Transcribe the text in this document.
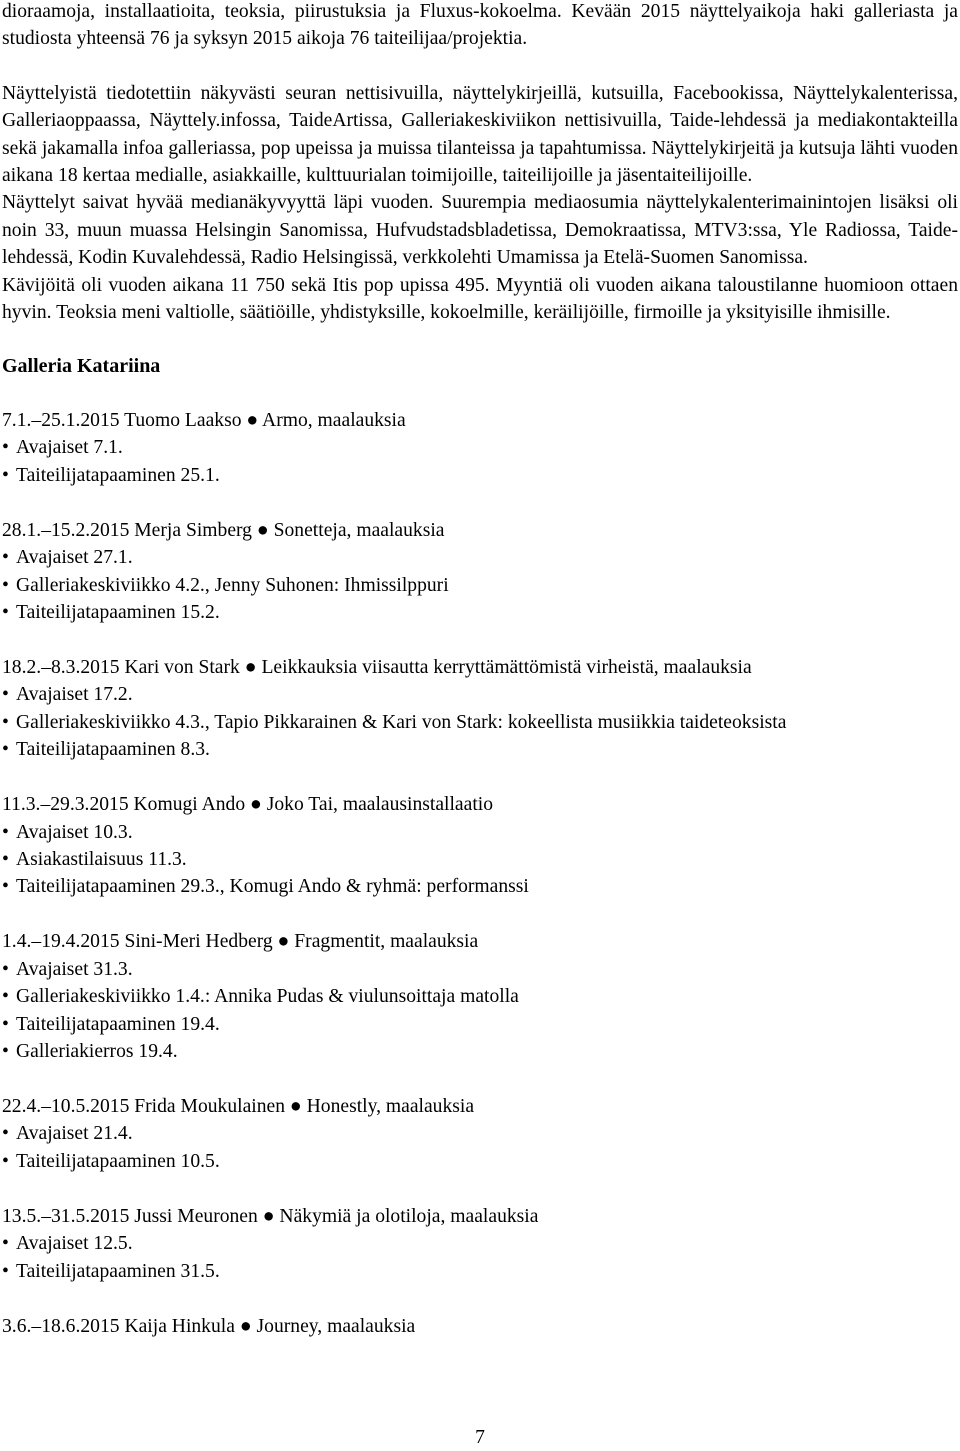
dioraamoja, installaatioita, teoksia, piirustuksia ja Fluxus-kokoelma. Kevään 2015 näyttelyaikoja haki galleriasta ja studiosta yhteensä 76 ja syksyn 2015 aikoja 76 taiteilijaa/projektia.

Näyttelyistä tiedotettiin näkyvästi seuran nettisivuilla, näyttelykirjeillä, kutsuilla, Facebookissa, Näyttelykalenterissa, Galleriaoppaassa, Näyttely.infossa, TaideArtissa, Galleriakeskiviikon nettisivuilla, Taide-lehdessä ja mediakontakteilla sekä jakamalla infoa galleriassa, pop upeissa ja muissa tilanteissa ja tapahtumissa. Näyttelykirjeitä ja kutsuja lähti vuoden aikana 18 kertaa medialle, asiakkaille, kulttuurialan toimijoille, taiteilijoille ja jäsentaiteilijoille.

Näyttelyt saivat hyvää medianäkyvyyttä läpi vuoden. Suurempia mediaosumia näyttelykalenterimainintojen lisäksi oli noin 33, muun muassa Helsingin Sanomissa, Hufvudstadsbladetissa, Demokraatissa, MTV3:ssa, Yle Radiossa, Taide-lehdessä, Kodin Kuvalehdessä, Radio Helsingissä, verkkolehti Umamissa ja Etelä-Suomen Sanomissa.

Kävijöitä oli vuoden aikana 11 750 sekä Itis pop upissa 495. Myyntiä oli vuoden aikana taloustilanne huomioon ottaen hyvin. Teoksia meni valtiolle, säätiöille, yhdistyksille, kokoelmille, keräilijöille, firmoille ja yksityisille ihmisille.

Galleria Katariina

7.1.–25.1.2015 Tuomo Laakso ● Armo, maalauksia

• Avajaiset 7.1.

• Taiteilijatapaaminen 25.1.

28.1.–15.2.2015 Merja Simberg ● Sonetteja, maalauksia

• Avajaiset 27.1.

• Galleriakeskiviikko 4.2., Jenny Suhonen: Ihmissilppuri

• Taiteilijatapaaminen 15.2.

18.2.–8.3.2015 Kari von Stark ● Leikkauksia viisautta kerryttämättömistä virheistä, maalauksia

• Avajaiset 17.2.

• Galleriakeskiviikko 4.3., Tapio Pikkarainen & Kari von Stark: kokeellista musiikkia taideteoksista

• Taiteilijatapaaminen 8.3.

11.3.–29.3.2015 Komugi Ando ● Joko Tai, maalausinstallaatio

• Avajaiset 10.3.

• Asiakastilaisuus 11.3.

• Taiteilijatapaaminen 29.3., Komugi Ando & ryhmä: performanssi

1.4.–19.4.2015 Sini-Meri Hedberg ● Fragmentit, maalauksia

• Avajaiset 31.3.

• Galleriakeskiviikko 1.4.: Annika Pudas & viulunsoittaja matolla

• Taiteilijatapaaminen 19.4.

• Galleriakierros 19.4.

22.4.–10.5.2015 Frida Moukulainen ● Honestly, maalauksia

• Avajaiset 21.4.

• Taiteilijatapaaminen 10.5.

13.5.–31.5.2015 Jussi Meuronen ● Näkymiä ja olotiloja, maalauksia

• Avajaiset 12.5.

• Taiteilijatapaaminen 31.5.

3.6.–18.6.2015 Kaija Hinkula ● Journey, maalauksia

7
